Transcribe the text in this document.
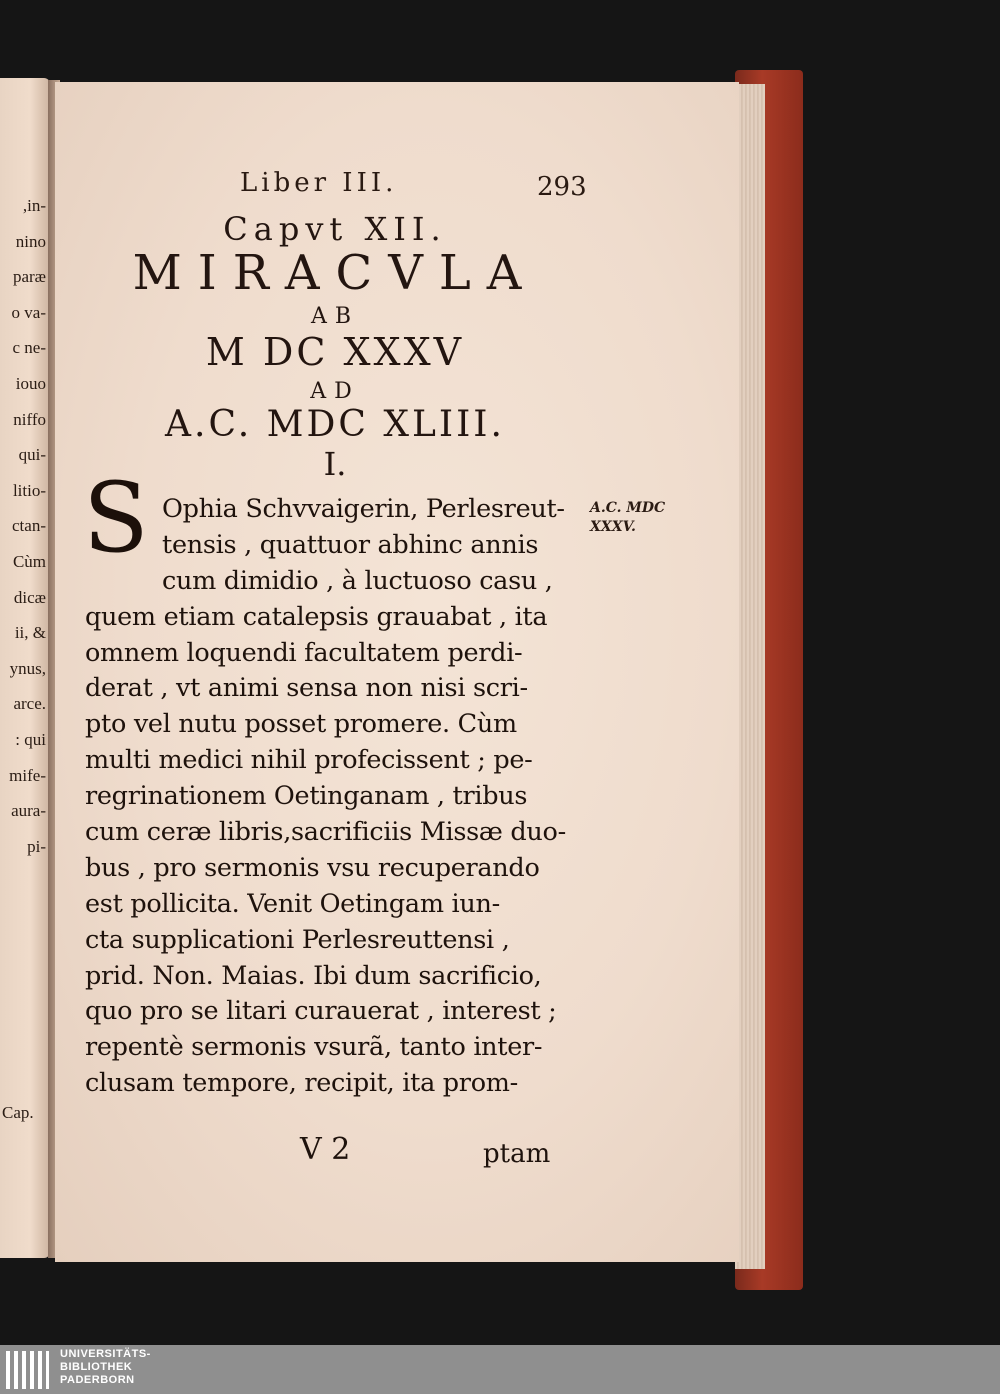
,in-
nino
paræ
o va-
c ne-
iouo
niffo
qui-
litio-
ctan-
Cùm
dicæ
ii, &
ynus,
arce.
: qui
mife-
aura-
pi-
Cap.
Liber III.	293
Capvt XII.
MIRACVLA
AB
M DC XXXV
AD
A.C. MDC XLIII.
I.
S Ophia Schvvaigerin, Perlesreut-
tensis , quattuor abhinc annis
cum dimidio , à luctuoso casu ,
quem etiam catalepsis grauabat , ita
omnem loquendi facultatem perdi-
derat , vt animi sensa non nisi scri-
pto vel nutu posset promere. Cùm
multi medici nihil profecissent ; pe-
regrinationem Oetinganam , tribus
cum ceræ libris,sacrificiis Missæ duo-
bus , pro sermonis vsu recuperando
est pollicita. Venit Oetingam iun-
cta supplicationi Perlesreuttensi ,
prid. Non. Maias. Ibi dum sacrificio,
quo pro se litari curauerat , interest ;
repentè sermonis vsurã, tanto inter-
clusam tempore, recipit, ita prom-
A.C. MDC
XXXV.
V 2	ptam
UNIVERSITÄTS-
BIBLIOTHEK
PADERBORN
